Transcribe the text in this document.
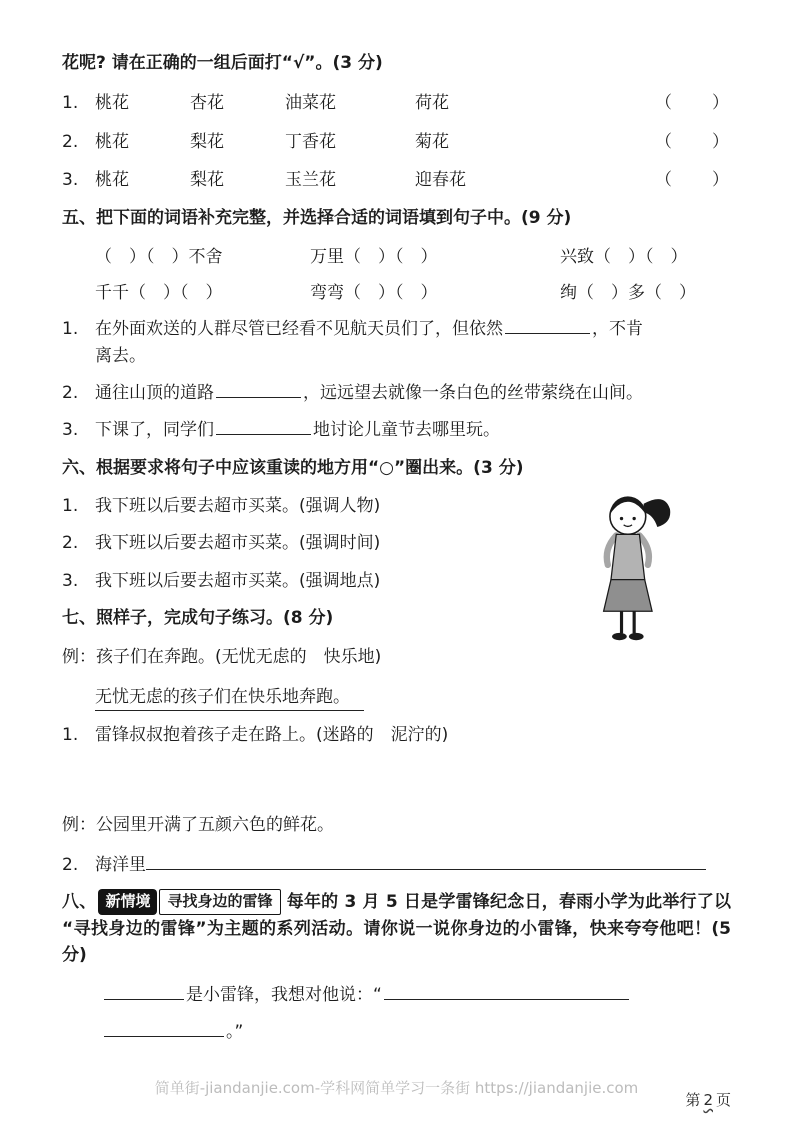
花呢? 请在正确的一组后面打“√”。(3 分)

1. 桃花	杏花	油菜花	荷花	（　　）
2. 桃花	梨花	丁香花	菊花	（　　）
3. 桃花	梨花	玉兰花	迎春花	（　　）

五、把下面的词语补充完整，并选择合适的词语填到句子中。(9 分)

（　）（　）不舍	万里（　）（　）	兴致（　）（　）
千千（　）（　）	弯弯（　）（　）	绚（　）多（　）
1. 在外面欢送的人群尽管已经看不见航天员们了，但依然	，不肯
离去。
2. 通往山顶的道路	，远远望去就像一条白色的丝带萦绕在山间。
3. 下课了，同学们	地讨论儿童节去哪里玩。

六、根据要求将句子中应该重读的地方用“○”圈出来。(3 分)

1. 我下班以后要去超市买菜。(强调人物)
2. 我下班以后要去超市买菜。(强调时间)
3. 我下班以后要去超市买菜。(强调地点)

七、照样子，完成句子练习。(8 分)

例：孩子们在奔跑。(无忧无虑的　快乐地)

无忧无虑的孩子们在快乐地奔跑。

1. 雷锋叔叔抱着孩子走在路上。(迷路的　泥泞的)

例：公园里开满了五颜六色的鲜花。

2. 海洋里

八、 新情境 寻找身边的雷锋 每年的 3 月 5 日是学雷锋纪念日，春雨小学为此举行了以“寻找身边的雷锋”为主题的系列活动。请你说一说你身边的小雷锋，快来夸夸他吧！(5 分)

是小雷锋，我想对他说：“
。”
简单街-jiandanjie.com-学科网简单学习一条街 https://jiandanjie.com
第 2 页
